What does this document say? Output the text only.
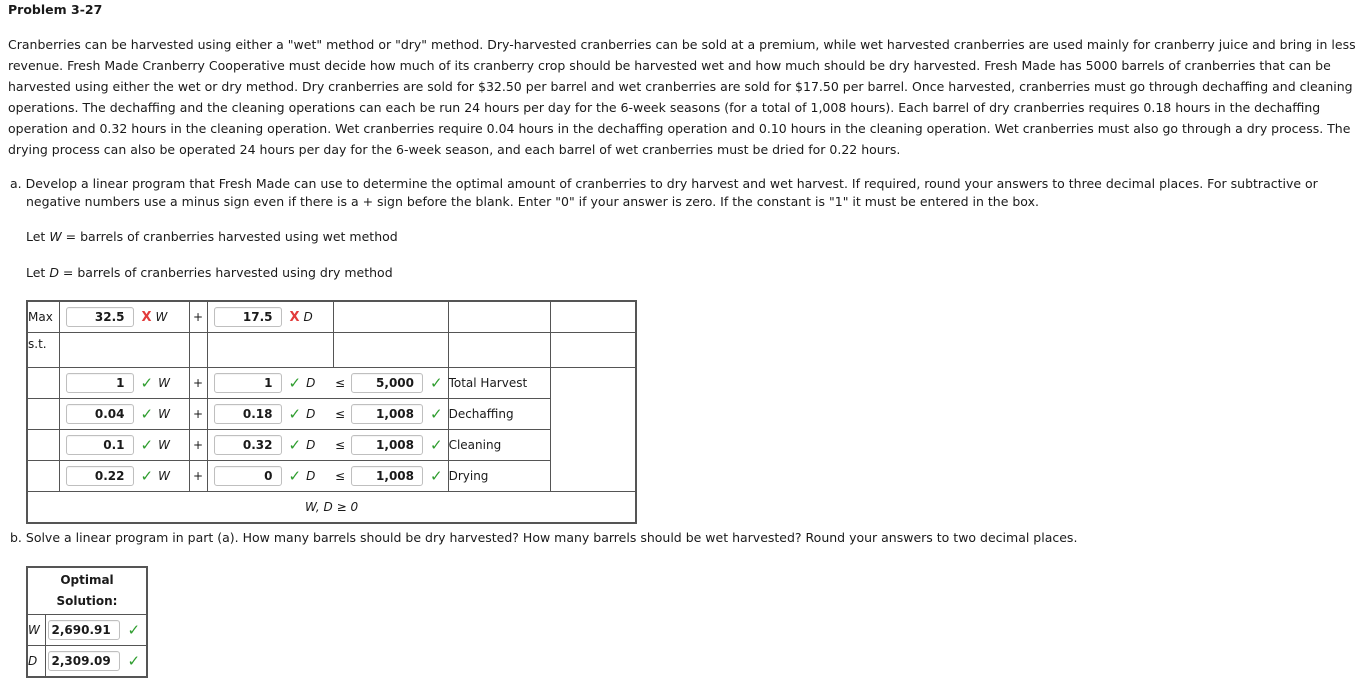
Problem 3-27
Cranberries can be harvested using either a "wet" method or "dry" method. Dry-harvested cranberries can be sold at a premium, while wet harvested cranberries are used mainly for cranberry juice and bring in less revenue. Fresh Made Cranberry Cooperative must decide how much of its cranberry crop should be harvested wet and how much should be dry harvested. Fresh Made has 5000 barrels of cranberries that can be harvested using either the wet or dry method. Dry cranberries are sold for $32.50 per barrel and wet cranberries are sold for $17.50 per barrel. Once harvested, cranberries must go through dechaffing and cleaning operations. The dechaffing and the cleaning operations can each be run 24 hours per day for the 6-week seasons (for a total of 1,008 hours). Each barrel of dry cranberries requires 0.18 hours in the dechaffing operation and 0.32 hours in the cleaning operation. Wet cranberries require 0.04 hours in the dechaffing operation and 0.10 hours in the cleaning operation. Wet cranberries must also go through a dry process. The drying process can also be operated 24 hours per day for the 6-week season, and each barrel of wet cranberries must be dried for 0.22 hours.
a. Develop a linear program that Fresh Made can use to determine the optimal amount of cranberries to dry harvest and wet harvest. If required, round your answers to three decimal places. For subtractive or negative numbers use a minus sign even if there is a + sign before the blank. Enter "0" if your answer is zero. If the constant is "1" it must be entered in the box.
Let W = barrels of cranberries harvested using wet method
Let D = barrels of cranberries harvested using dry method
Max	32.5 X W	+	17.5 X D			

s.t.						

	1 ✓ W	+	1 ✓ D	≤ 5,000 ✓	Total Harvest	

	0.04 ✓ W	+	0.18 ✓ D	≤ 1,008 ✓	Dechaffing	

	0.1 ✓ W	+	0.32 ✓ D	≤ 1,008 ✓	Cleaning	

	0.22 ✓ W	+	0 ✓ D	≤ 1,008 ✓	Drying	
W, D ≥ 0						
b. Solve a linear program in part (a). How many barrels should be dry harvested? How many barrels should be wet harvested? Round your answers to two decimal places.
Optimal
Solution:	
W	2,690.91 ✓

D	2,309.09 ✓
